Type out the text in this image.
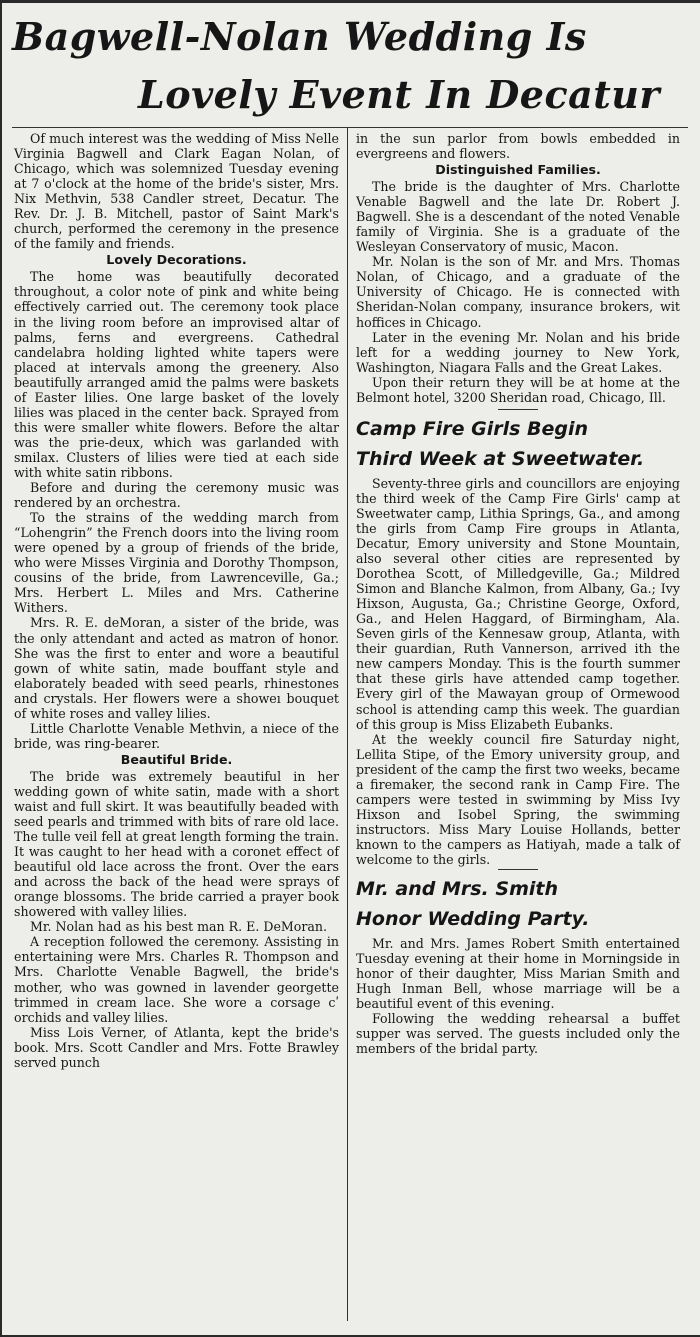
Bagwell-Nolan Wedding Is
Lovely Event In Decatur

Of much interest was the wedding of Miss Nelle Virginia Bagwell and Clark Eagan Nolan, of Chicago, which was solemnized Tuesday evening at 7 o'clock at the home of the bride's sister, Mrs. Nix Methvin, 538 Candler street, Decatur. The Rev. Dr. J. B. Mitchell, pastor of Saint Mark's church, performed the ceremony in the presence of the family and friends.

Lovely Decorations.

The home was beautifully decorated throughout, a color note of pink and white being effectively carried out. The ceremony took place in the living room before an improvised altar of palms, ferns and evergreens. Cathedral candelabra holding lighted white tapers were placed at intervals among the greenery. Also beautifully arranged amid the palms were baskets of Easter lilies. One large basket of the lovely lilies was placed in the center back. Sprayed from this were smaller white flowers. Before the altar was the prie-deux, which was garlanded with smilax. Clusters of lilies were tied at each side with white satin ribbons.

Before and during the ceremony music was rendered by an orchestra.

To the strains of the wedding march from “Lohengrin” the French doors into the living room were opened by a group of friends of the bride, who were Misses Virginia and Dorothy Thompson, cousins of the bride, from Lawrenceville, Ga.; Mrs. Herbert L. Miles and Mrs. Catherine Withers.

Mrs. R. E. deMoran, a sister of the bride, was the only attendant and acted as matron of honor. She was the first to enter and wore a beautiful gown of white satin, made bouffant style and elaborately beaded with seed pearls, rhinestones and crystals. Her flowers were a showeı bouquet of white roses and valley lilies.

Little Charlotte Venable Methvin, a niece of the bride, was ring-bearer.

Beautiful Bride.

The bride was extremely beautiful in her wedding gown of white satin, made with a short waist and full skirt. It was beautifully beaded with seed pearls and trimmed with bits of rare old lace. The tulle veil fell at great length forming the train. It was caught to her head with a coronet effect of beautiful old lace across the front. Over the ears and across the back of the head were sprays of orange blossoms. The bride carried a prayer book showered with valley lilies.

Mr. Nolan had as his best man R. E. DeMoran.

A reception followed the ceremony. Assisting in entertaining were Mrs. Charles R. Thompson and Mrs. Charlotte Venable Bagwell, the bride's mother, who was gowned in lavender georgette trimmed in cream lace. She wore a corsage cʹ orchids and valley lilies.

Miss Lois Verner, of Atlanta, kept the bride's book. Mrs. Scott Candler and Mrs. Fotte Brawley served punch

in the sun parlor from bowls embedded in evergreens and flowers.

Distinguished Families.

The bride is the daughter of Mrs. Charlotte Venable Bagwell and the late Dr. Robert J. Bagwell. She is a descendant of the noted Venable family of Virginia. She is a graduate of the Wesleyan Conservatory of music, Macon.

Mr. Nolan is the son of Mr. and Mrs. Thomas Nolan, of Chicago, and a graduate of the University of Chicago. He is connected with Sheridan-Nolan company, insurance brokers, wit hoffices in Chicago.

Later in the evening Mr. Nolan and his bride left for a wedding journey to New York, Washington, Niagara Falls and the Great Lakes.

Upon their return they will be at home at the Belmont hotel, 3200 Sheridan road, Chicago, Ill.

Camp Fire Girls Begin
Third Week at Sweetwater.

Seventy-three girls and councillors are enjoying the third week of the Camp Fire Girls' camp at Sweetwater camp, Lithia Springs, Ga., and among the girls from Camp Fire groups in Atlanta, Decatur, Emory university and Stone Mountain, also several other cities are represented by Dorothea Scott, of Milledgeville, Ga.; Mildred Simon and Blanche Kalmon, from Albany, Ga.; Ivy Hixson, Augusta, Ga.; Christine George, Oxford, Ga., and Helen Haggard, of Birmingham, Ala. Seven girls of the Kennesaw group, Atlanta, with their guardian, Ruth Vannerson, arrived ith the new campers Monday. This is the fourth summer that these girls have attended camp together. Every girl of the Mawayan group of Ormewood school is attending camp this week. The guardian of this group is Miss Elizabeth Eubanks.

At the weekly council fire Saturday night, Lellita Stipe, of the Emory university group, and president of the camp the first two weeks, became a firemaker, the second rank in Camp Fire. The campers were tested in swimming by Miss Ivy Hixson and Isobel Spring, the swimming instructors. Miss Mary Louise Hollands, better known to the campers as Hatiyah, made a talk of welcome to the girls.

Mr. and Mrs. Smith
Honor Wedding Party.

Mr. and Mrs. James Robert Smith entertained Tuesday evening at their home in Morningside in honor of their daughter, Miss Marian Smith and Hugh Inman Bell, whose marriage will be a beautiful event of this evening.

Following the wedding rehearsal a buffet supper was served. The guests included only the members of the bridal party.
